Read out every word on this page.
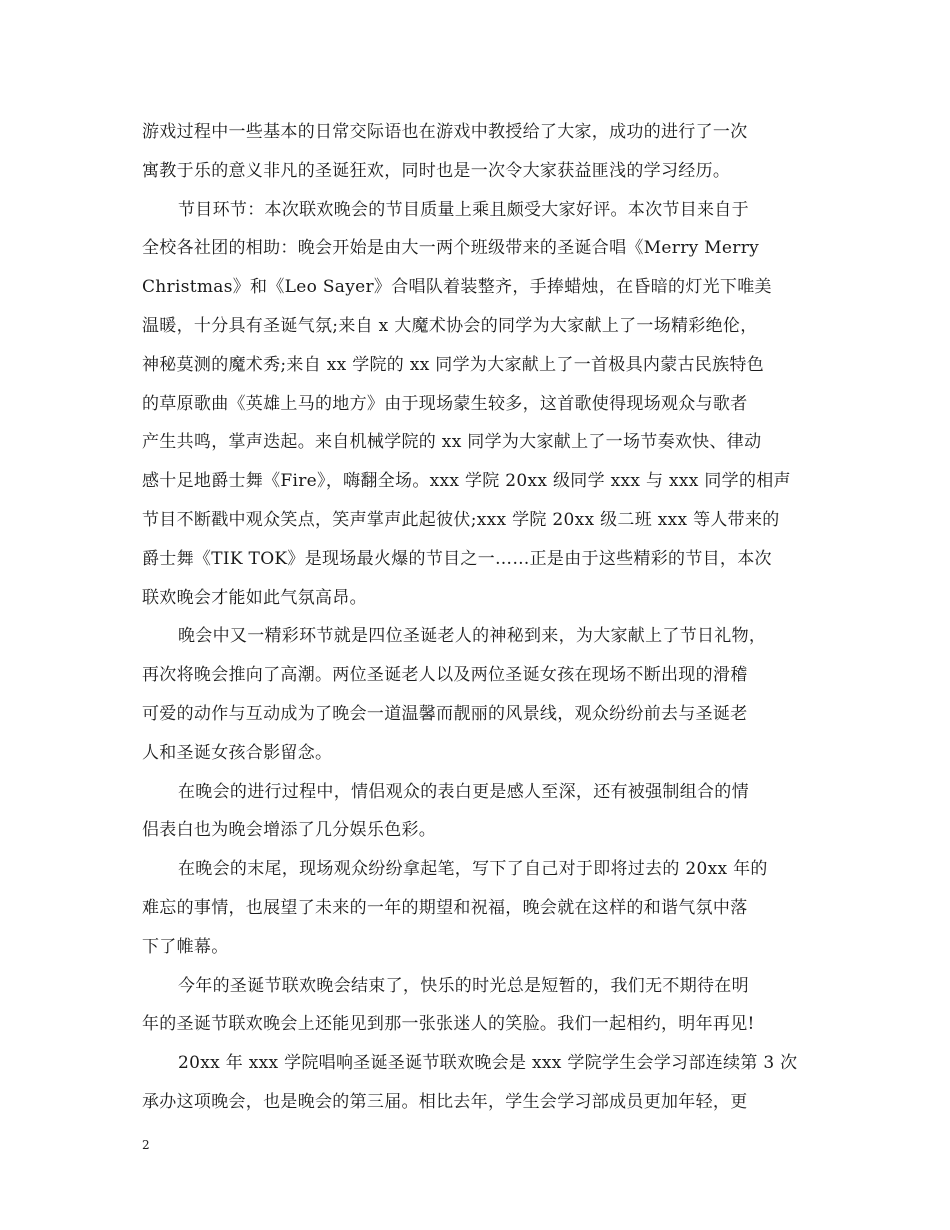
游戏过程中一些基本的日常交际语也在游戏中教授给了大家，成功的进行了一次
寓教于乐的意义非凡的圣诞狂欢，同时也是一次令大家获益匪浅的学习经历。

节目环节：本次联欢晚会的节目质量上乘且颇受大家好评。本次节目来自于
全校各社团的相助：晚会开始是由大一两个班级带来的圣诞合唱《Merry Merry
Christmas》和《Leo Sayer》合唱队着装整齐，手捧蜡烛，在昏暗的灯光下唯美
温暖，十分具有圣诞气氛;来自 x 大魔术协会的同学为大家献上了一场精彩绝伦，
神秘莫测的魔术秀;来自 xx 学院的 xx 同学为大家献上了一首极具内蒙古民族特色
的草原歌曲《英雄上马的地方》由于现场蒙生较多，这首歌使得现场观众与歌者
产生共鸣，掌声迭起。来自机械学院的 xx 同学为大家献上了一场节奏欢快、律动
感十足地爵士舞《Fire》，嗨翻全场。xxx 学院 20xx 级同学 xxx 与 xxx 同学的相声
节目不断戳中观众笑点，笑声掌声此起彼伏;xxx 学院 20xx 级二班 xxx 等人带来的
爵士舞《TIK TOK》是现场最火爆的节目之一……正是由于这些精彩的节目，本次
联欢晚会才能如此气氛高昂。

晚会中又一精彩环节就是四位圣诞老人的神秘到来，为大家献上了节日礼物，
再次将晚会推向了高潮。两位圣诞老人以及两位圣诞女孩在现场不断出现的滑稽
可爱的动作与互动成为了晚会一道温馨而靓丽的风景线，观众纷纷前去与圣诞老
人和圣诞女孩合影留念。

在晚会的进行过程中，情侣观众的表白更是感人至深，还有被强制组合的情
侣表白也为晚会增添了几分娱乐色彩。

在晚会的末尾，现场观众纷纷拿起笔，写下了自己对于即将过去的 20xx 年的
难忘的事情，也展望了未来的一年的期望和祝福，晚会就在这样的和谐气氛中落
下了帷幕。

今年的圣诞节联欢晚会结束了，快乐的时光总是短暂的，我们无不期待在明
年的圣诞节联欢晚会上还能见到那一张张迷人的笑脸。我们一起相约，明年再见!

20xx 年 xxx 学院唱响圣诞圣诞节联欢晚会是 xxx 学院学生会学习部连续第 3 次
承办这项晚会，也是晚会的第三届。相比去年，学生会学习部成员更加年轻，更

2
